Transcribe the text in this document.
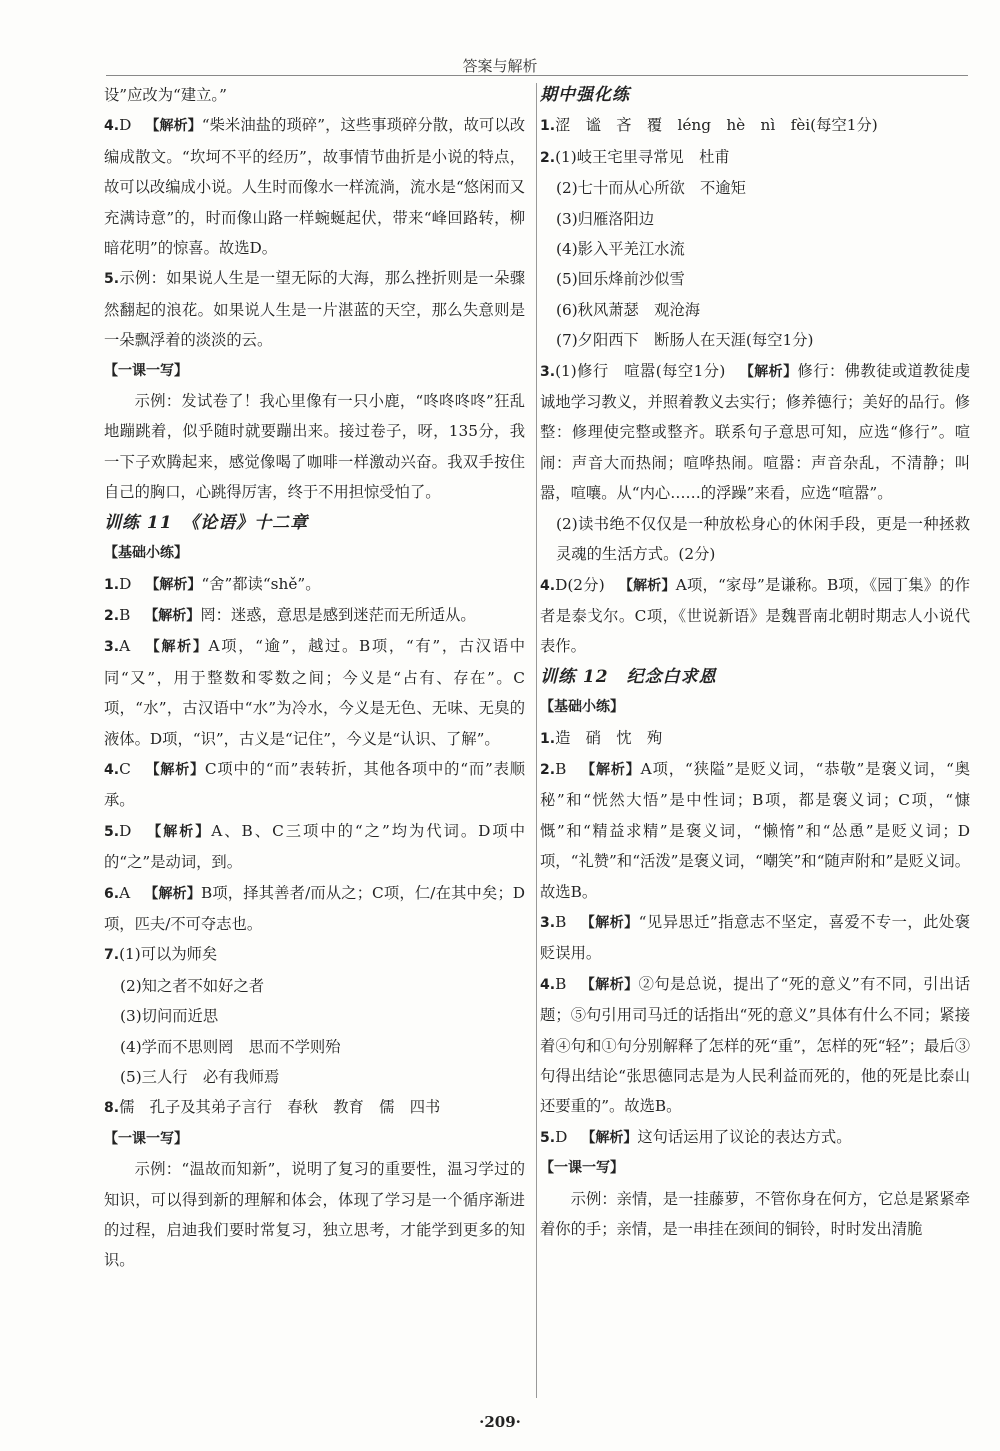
答案与解析

设”应改为“建立。”

4.D 【解析】“柴米油盐的琐碎”，这些事琐碎分散，故可以改编成散文。“坎坷不平的经历”，故事情节曲折是小说的特点，故可以改编成小说。人生时而像水一样流淌，流水是“悠闲而又充满诗意”的，时而像山路一样蜿蜒起伏，带来“峰回路转，柳暗花明”的惊喜。故选D。

5.示例：如果说人生是一望无际的大海，那么挫折则是一朵骤然翻起的浪花。如果说人生是一片湛蓝的天空，那么失意则是一朵飘浮着的淡淡的云。

【一课一写】

示例：发试卷了！我心里像有一只小鹿，“咚咚咚咚”狂乱地蹦跳着，似乎随时就要蹦出来。接过卷子，呀，135分，我一下子欢腾起来，感觉像喝了咖啡一样激动兴奋。我双手按住自己的胸口，心跳得厉害，终于不用担惊受怕了。

训练 11　《论语》十二章

【基础小练】

1.D 【解析】“舍”都读“shě”。

2.B 【解析】罔：迷惑，意思是感到迷茫而无所适从。

3.A 【解析】A项，“逾”，越过。B项，“有”，古汉语中同“又”，用于整数和零数之间；今义是“占有、存在”。C项，“水”，古汉语中“水”为冷水，今义是无色、无味、无臭的液体。D项，“识”，古义是“记住”，今义是“认识、了解”。

4.C 【解析】C项中的“而”表转折，其他各项中的“而”表顺承。

5.D 【解析】A、B、C三项中的“之”均为代词。D项中的“之”是动词，到。

6.A 【解析】B项，择其善者/而从之；C项，仁/在其中矣；D项，匹夫/不可夺志也。

7.(1)可以为师矣

(2)知之者不如好之者

(3)切问而近思

(4)学而不思则罔　思而不学则殆

(5)三人行　必有我师焉

8.儒　孔子及其弟子言行　春秋　教育　儒　四书

【一课一写】

示例：“温故而知新”，说明了复习的重要性，温习学过的知识，可以得到新的理解和体会，体现了学习是一个循序渐进的过程，启迪我们要时常复习，独立思考，才能学到更多的知识。

期中强化练

1.涩　谧　吝　覆　léng　hè　nì　fèi(每空1分)

2.(1)岐王宅里寻常见　杜甫

(2)七十而从心所欲　不逾矩

(3)归雁洛阳边

(4)影入平羌江水流

(5)回乐烽前沙似雪

(6)秋风萧瑟　观沧海

(7)夕阳西下　断肠人在天涯(每空1分)

3.(1)修行　喧嚣(每空1分) 【解析】修行：佛教徒或道教徒虔诚地学习教义，并照着教义去实行；修养德行；美好的品行。修整：修理使完整或整齐。联系句子意思可知，应选“修行”。喧闹：声音大而热闹；喧哗热闹。喧嚣：声音杂乱，不清静；叫嚣，喧嚷。从“内心……的浮躁”来看，应选“喧嚣”。

(2)读书绝不仅仅是一种放松身心的休闲手段，更是一种拯救灵魂的生活方式。(2分)

4.D(2分) 【解析】A项，“家母”是谦称。B项，《园丁集》的作者是泰戈尔。C项，《世说新语》是魏晋南北朝时期志人小说代表作。

训练 12　纪念白求恩

【基础小练】

1.造　硝　忱　殉

2.B 【解析】A项，“狭隘”是贬义词，“恭敬”是褒义词，“奥秘”和“恍然大悟”是中性词；B项，都是褒义词；C项，“慷慨”和“精益求精”是褒义词，“懒惰”和“怂恿”是贬义词；D项，“礼赞”和“活泼”是褒义词，“嘲笑”和“随声附和”是贬义词。故选B。

3.B 【解析】“见异思迁”指意志不坚定，喜爱不专一，此处褒贬误用。

4.B 【解析】②句是总说，提出了“死的意义”有不同，引出话题；⑤句引用司马迁的话指出“死的意义”具体有什么不同；紧接着④句和①句分别解释了怎样的死“重”，怎样的死“轻”；最后③句得出结论“张思德同志是为人民利益而死的，他的死是比泰山还要重的”。故选B。

5.D 【解析】这句话运用了议论的表达方式。

【一课一写】

示例：亲情，是一挂藤萝，不管你身在何方，它总是紧紧牵着你的手；亲情，是一串挂在颈间的铜铃，时时发出清脆

·209·
